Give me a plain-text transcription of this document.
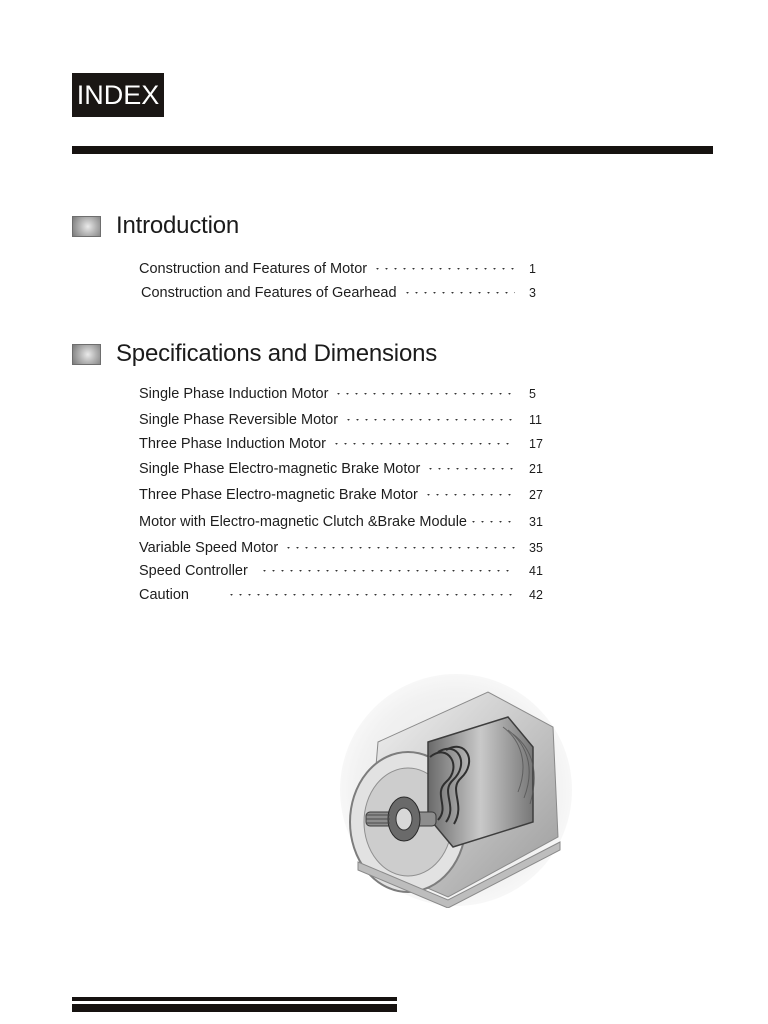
INDEX
Introduction
Construction and Features of Motor	1
Construction and Features of Gearhead	3
Specifications and Dimensions
Single Phase Induction Motor	5
Single Phase Reversible Motor	11
Three Phase Induction Motor	17
Single Phase Electro-magnetic Brake Motor	21
Three Phase Electro-magnetic Brake Motor	27
Motor with Electro-magnetic Clutch &Brake Module	31
Variable Speed Motor	35
Speed Controller	41
Caution	42
